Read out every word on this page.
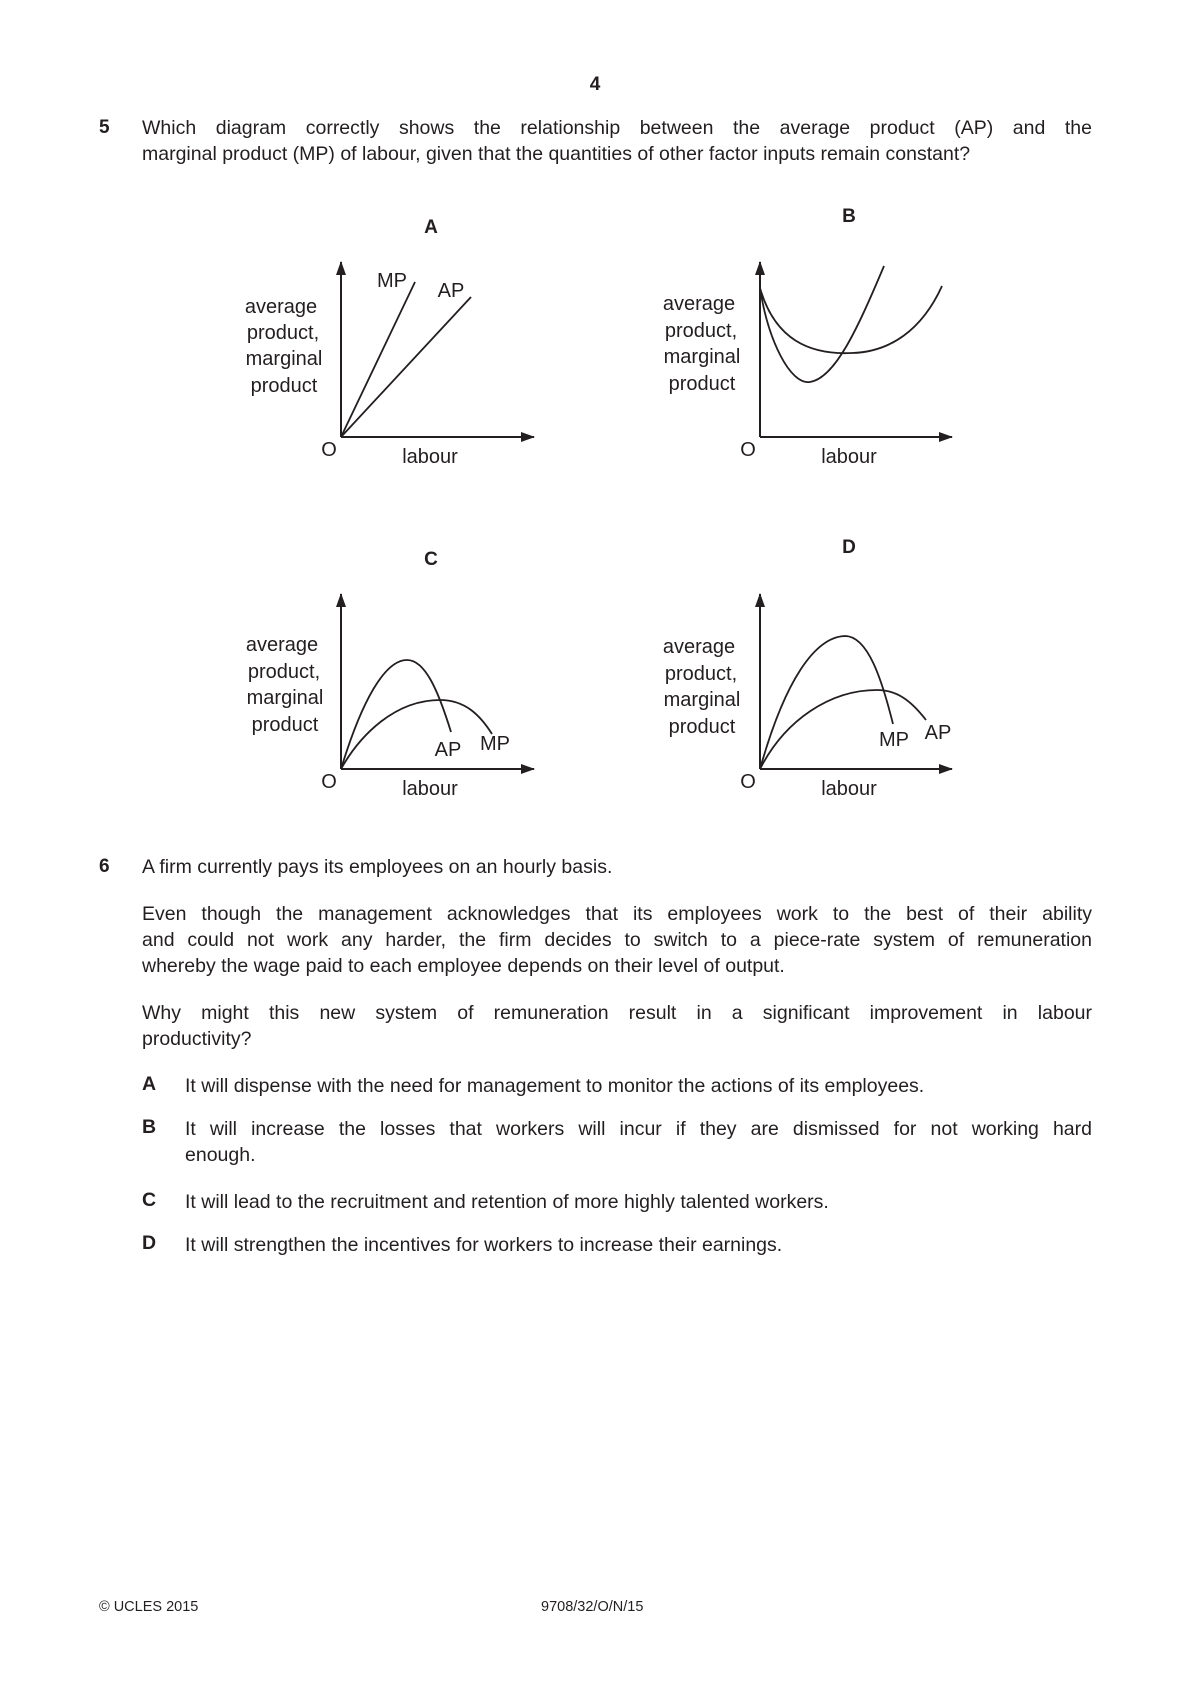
4
5 Which diagram correctly shows the relationship between the average product (AP) and the
marginal product (MP) of labour, given that the quantities of other factor inputs remain constant?
A
average
product,
marginal
product
O	labour
MP AP
B
average
product,
marginal
product
O	labour
C
average
product,
marginal
product
O	labour
AP MP
D
average
product,
marginal
product
O	labour
MP AP
6 A firm currently pays its employees on an hourly basis.
Even though the management acknowledges that its employees work to the best of their ability
and could not work any harder, the firm decides to switch to a piece-rate system of remuneration
whereby the wage paid to each employee depends on their level of output.
Why might this new system of remuneration result in a significant improvement in labour
productivity?
A It will dispense with the need for management to monitor the actions of its employees.
B It will increase the losses that workers will incur if they are dismissed for not working hard
enough.
C It will lead to the recruitment and retention of more highly talented workers.
D It will strengthen the incentives for workers to increase their earnings.
© UCLES 2015	9708/32/O/N/15
